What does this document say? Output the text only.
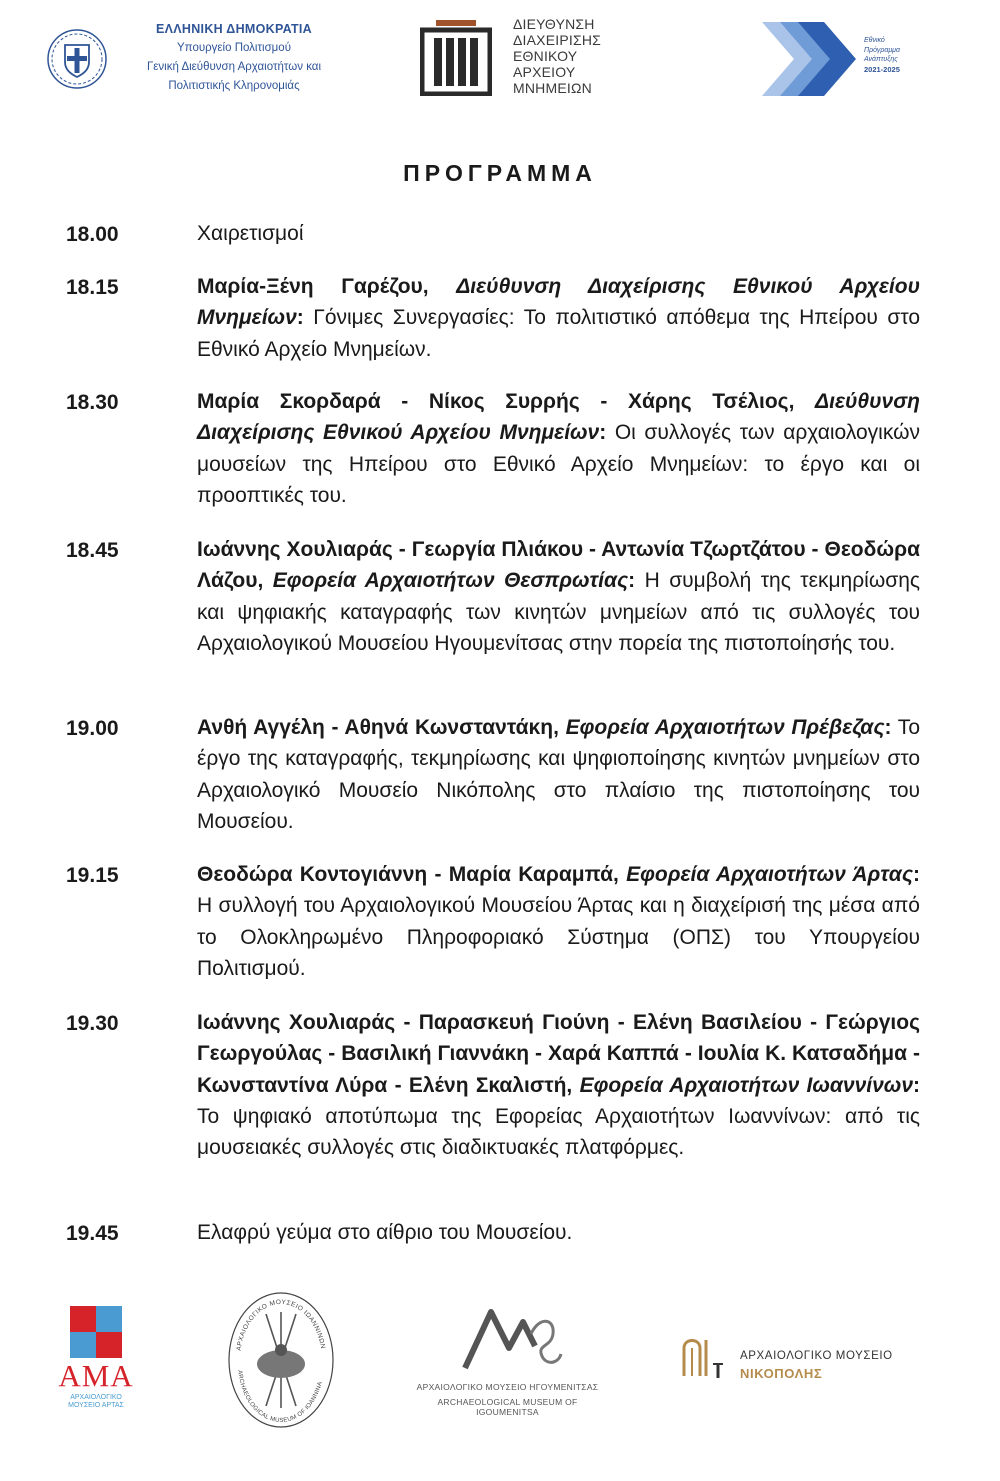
ΕΛΛΗΝΙΚΗ ΔΗΜΟΚΡΑΤΙΑ
Υπουργείο Πολιτισμού
Γενική Διεύθυνση Αρχαιοτήτων και
Πολιτιστικής Κληρονομιάς
ΔΙΕΥΘΥΝΣΗ
ΔΙΑΧΕΙΡΙΣΗΣ
ΕΘΝΙΚΟΥ
ΑΡΧΕΙΟΥ
ΜΝΗΜΕΙΩΝ
Εθνικό
Πρόγραμμα
Ανάπτυξης
2021-2025
ΠΡΟΓΡΑΜΜΑ
18.00	Χαιρετισμοί
18.15	Μαρία-Ξένη Γαρέζου, Διεύθυνση Διαχείρισης Εθνικού Αρχείου Μνημείων: Γόνιμες Συνεργασίες: Το πολιτιστικό απόθεμα της Ηπείρου στο Εθνικό Αρχείο Μνημείων.
18.30	Μαρία Σκορδαρά - Νίκος Συρρής - Χάρης Τσέλιος, Διεύθυνση Διαχείρισης Εθνικού Αρχείου Μνημείων: Οι συλλογές των αρχαιολογικών μουσείων της Ηπείρου στο Εθνικό Αρχείο Μνημείων: το έργο και οι προοπτικές του.
18.45	Ιωάννης Χουλιαράς - Γεωργία Πλιάκου - Αντωνία Τζωρτζάτου - Θεοδώρα Λάζου, Εφορεία Αρχαιοτήτων Θεσπρωτίας: Η συμβολή της τεκμηρίωσης και ψηφιακής καταγραφής των κινητών μνημείων από τις συλλογές του Αρχαιολογικού Μουσείου Ηγουμενίτσας στην πορεία της πιστοποίησής του.
19.00	Ανθή Αγγέλη - Αθηνά Κωνσταντάκη, Εφορεία Αρχαιοτήτων Πρέβεζας: Το έργο της καταγραφής, τεκμηρίωσης και ψηφιοποίησης κινητών μνημείων στο Αρχαιολογικό Μουσείο Νικόπολης στο πλαίσιο της πιστοποίησης του Μουσείου.
19.15	Θεοδώρα Κοντογιάννη - Μαρία Καραμπά, Εφορεία Αρχαιοτήτων Άρτας: Η συλλογή του Αρχαιολογικού Μουσείου Άρτας και η διαχείρισή της μέσα από το Ολοκληρωμένο Πληροφοριακό Σύστημα (ΟΠΣ) του Υπουργείου Πολιτισμού.
19.30	Ιωάννης Χουλιαράς - Παρασκευή Γιούνη - Ελένη Βασιλείου - Γεώργιος Γεωργούλας - Βασιλική Γιαννάκη - Χαρά Καππά - Ιουλία Κ. Κατσαδήμα - Κωνσταντίνα Λύρα - Ελένη Σκαλιστή, Εφορεία Αρχαιοτήτων Ιωαννίνων: Το ψηφιακό αποτύπωμα της Εφορείας Αρχαιοτήτων Ιωαννίνων: από τις μουσειακές συλλογές στις διαδικτυακές πλατφόρμες.
19.45	Ελαφρύ γεύμα στο αίθριο του Μουσείου.
ΑΜΑ
ΑΡΧΑΙΟΛΟΓΙΚΟ
ΜΟΥΣΕΙΟ ΑΡΤΑΣ
ΑΡΧΑΙΟΛΟΓΙΚΟ ΜΟΥΣΕΙΟ ΙΩΑΝΝΙΝΩΝ
ARCHAEOLOGICAL MUSEUM OF IOANNINA	ΑΡΧΑΙΟΛΟΓΙΚΟ ΜΟΥΣΕΙΟ ΗΓΟΥΜΕΝΙΤΣΑΣ
ARCHAEOLOGICAL MUSEUM OF IGOUMENITSA
ΑΡΧΑΙΟΛΟΓΙΚΟ ΜΟΥΣΕΙΟ
ΝΙΚΟΠΟΛΗΣ
